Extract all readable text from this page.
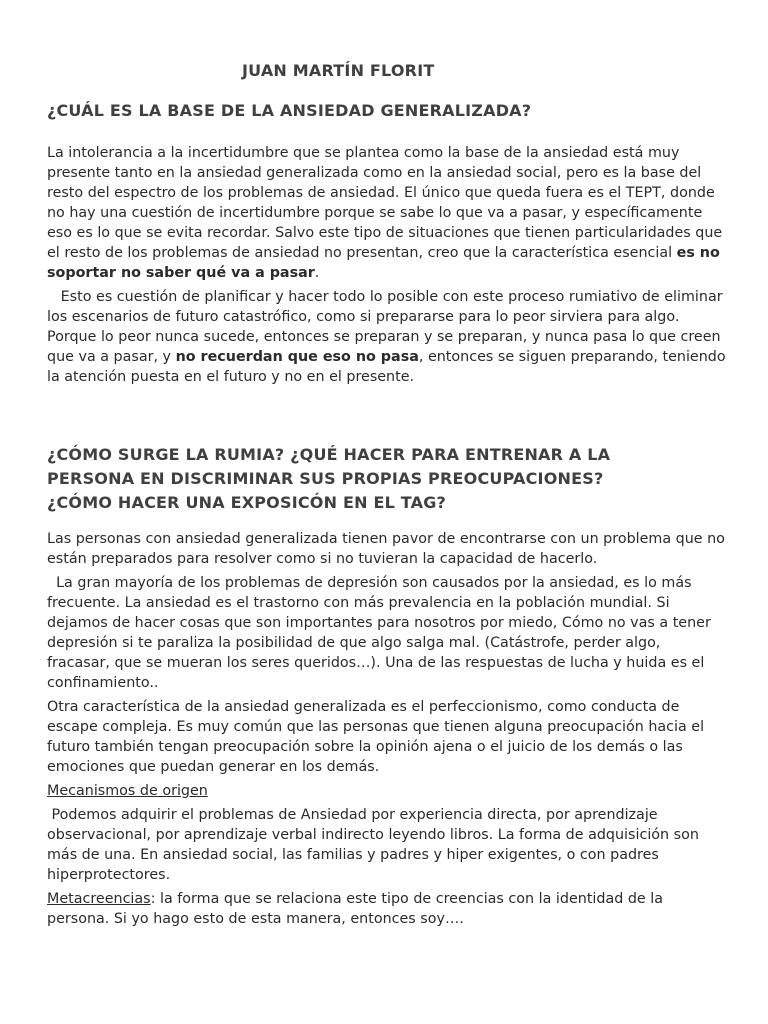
JUAN MARTÍN FLORIT
¿CUÁL ES LA BASE DE LA ANSIEDAD GENERALIZADA?

La intolerancia a la incertidumbre que se plantea como la base de la ansiedad está muy presente tanto en la ansiedad generalizada como en la ansiedad social, pero es la base del resto del espectro de los problemas de ansiedad. El único que queda fuera es el TEPT, donde no hay una cuestión de incertidumbre porque se sabe lo que va a pasar, y específicamente eso es lo que se evita recordar. Salvo este tipo de situaciones que tienen particularidades que el resto de los problemas de ansiedad no presentan, creo que la característica esencial es no soportar no saber qué va a pasar.

Esto es cuestión de planificar y hacer todo lo posible con este proceso rumiativo de eliminar los escenarios de futuro catastrófico, como si prepararse para lo peor sirviera para algo. Porque lo peor nunca sucede, entonces se preparan y se preparan, y nunca pasa lo que creen que va a pasar, y no recuerdan que eso no pasa, entonces se siguen preparando, teniendo la atención puesta en el futuro y no en el presente.

¿CÓMO SURGE LA RUMIA? ¿QUÉ HACER PARA ENTRENAR A LA
PERSONA EN DISCRIMINAR SUS PROPIAS PREOCUPACIONES?
¿CÓMO HACER UNA EXPOSICÓN EN EL TAG?

Las personas con ansiedad generalizada tienen pavor de encontrarse con un problema que no están preparados para resolver como si no tuvieran la capacidad de hacerlo.

La gran mayoría de los problemas de depresión son causados por la ansiedad, es lo más frecuente. La ansiedad es el trastorno con más prevalencia en la población mundial. Si dejamos de hacer cosas que son importantes para nosotros por miedo, Cómo no vas a tener depresión si te paraliza la posibilidad de que algo salga mal. (Catástrofe, perder algo, fracasar, que se mueran los seres queridos…). Una de las respuestas de lucha y huida es el confinamiento..

Otra característica de la ansiedad generalizada es el perfeccionismo, como conducta de escape compleja. Es muy común que las personas que tienen alguna preocupación hacia el futuro también tengan preocupación sobre la opinión ajena o el juicio de los demás o las emociones que puedan generar en los demás.

Mecanismos de origen

Podemos adquirir el problemas de Ansiedad por experiencia directa, por aprendizaje observacional, por aprendizaje verbal indirecto leyendo libros. La forma de adquisición son más de una. En ansiedad social, las familias y padres y hiper exigentes, o con padres hiperprotectores.

Metacreencias: la forma que se relaciona este tipo de creencias con la identidad de la persona. Si yo hago esto de esta manera, entonces soy….
